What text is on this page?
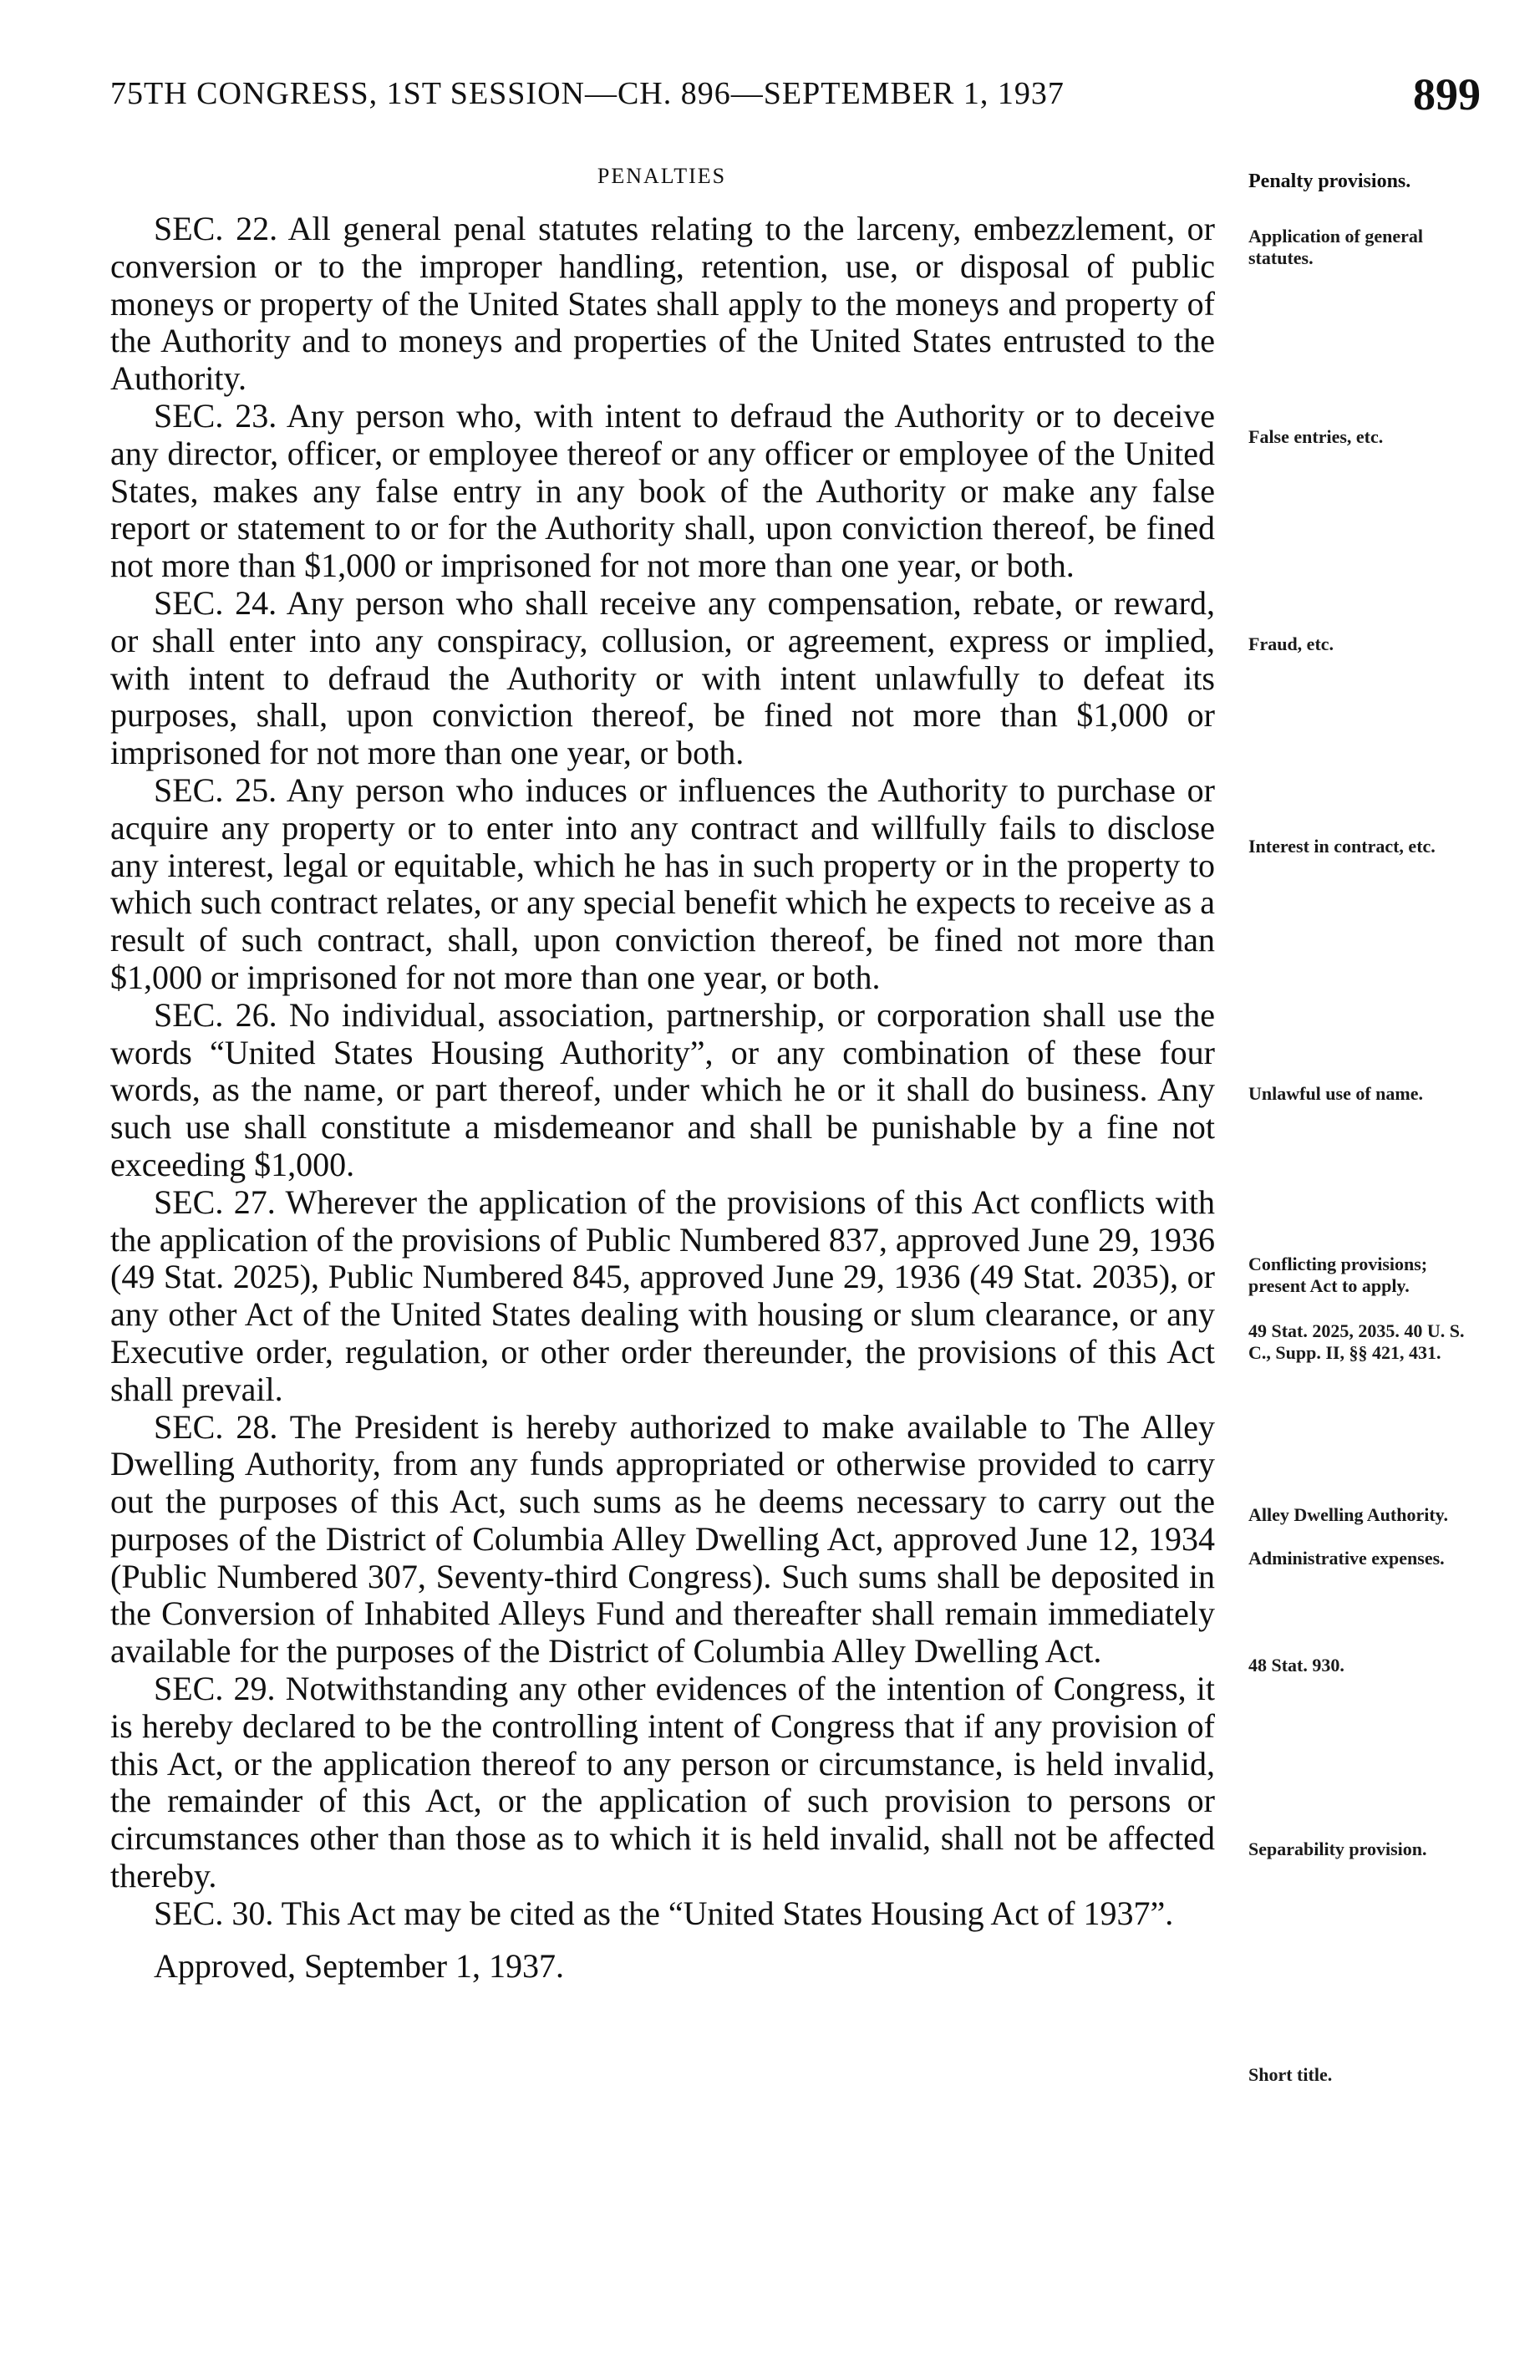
75TH CONGRESS, 1ST SESSION—CH. 896—SEPTEMBER 1, 1937	899
PENALTIES	Penalty provisions.

SEC. 22. All general penal statutes relating to the larceny, embezzlement, or conversion or to the improper handling, retention, use, or disposal of public moneys or property of the United States shall apply to the moneys and property of the Authority and to moneys and properties of the United States entrusted to the Authority.

SEC. 23. Any person who, with intent to defraud the Authority or to deceive any director, officer, or employee thereof or any officer or employee of the United States, makes any false entry in any book of the Authority or make any false report or statement to or for the Authority shall, upon conviction thereof, be fined not more than $1,000 or imprisoned for not more than one year, or both.

SEC. 24. Any person who shall receive any compensation, rebate, or reward, or shall enter into any conspiracy, collusion, or agreement, express or implied, with intent to defraud the Authority or with intent unlawfully to defeat its purposes, shall, upon conviction thereof, be fined not more than $1,000 or imprisoned for not more than one year, or both.

SEC. 25. Any person who induces or influences the Authority to purchase or acquire any property or to enter into any contract and willfully fails to disclose any interest, legal or equitable, which he has in such property or in the property to which such contract relates, or any special benefit which he expects to receive as a result of such contract, shall, upon conviction thereof, be fined not more than $1,000 or imprisoned for not more than one year, or both.

SEC. 26. No individual, association, partnership, or corporation shall use the words “United States Housing Authority”, or any combination of these four words, as the name, or part thereof, under which he or it shall do business. Any such use shall constitute a misdemeanor and shall be punishable by a fine not exceeding $1,000.

SEC. 27. Wherever the application of the provisions of this Act conflicts with the application of the provisions of Public Numbered 837, approved June 29, 1936 (49 Stat. 2025), Public Numbered 845, approved June 29, 1936 (49 Stat. 2035), or any other Act of the United States dealing with housing or slum clearance, or any Executive order, regulation, or other order thereunder, the provisions of this Act shall prevail.

SEC. 28. The President is hereby authorized to make available to The Alley Dwelling Authority, from any funds appropriated or otherwise provided to carry out the purposes of this Act, such sums as he deems necessary to carry out the purposes of the District of Columbia Alley Dwelling Act, approved June 12, 1934 (Public Numbered 307, Seventy-third Congress). Such sums shall be deposited in the Conversion of Inhabited Alleys Fund and thereafter shall remain immediately available for the purposes of the District of Columbia Alley Dwelling Act.

SEC. 29. Notwithstanding any other evidences of the intention of Congress, it is hereby declared to be the controlling intent of Congress that if any provision of this Act, or the application thereof to any person or circumstance, is held invalid, the remainder of this Act, or the application of such provision to persons or circumstances other than those as to which it is held invalid, shall not be affected thereby.

SEC. 30. This Act may be cited as the “United States Housing Act of 1937”.

Approved, September 1, 1937.

Application of general statutes.
False entries, etc.
Fraud, etc.
Interest in contract, etc.
Unlawful use of name.
Conflicting provisions; present Act to apply.
49 Stat. 2025, 2035. 40 U. S. C., Supp. II, §§ 421, 431.
Alley Dwelling Authority.
Administrative expenses.
48 Stat. 930.
Separability provision.
Short title.
